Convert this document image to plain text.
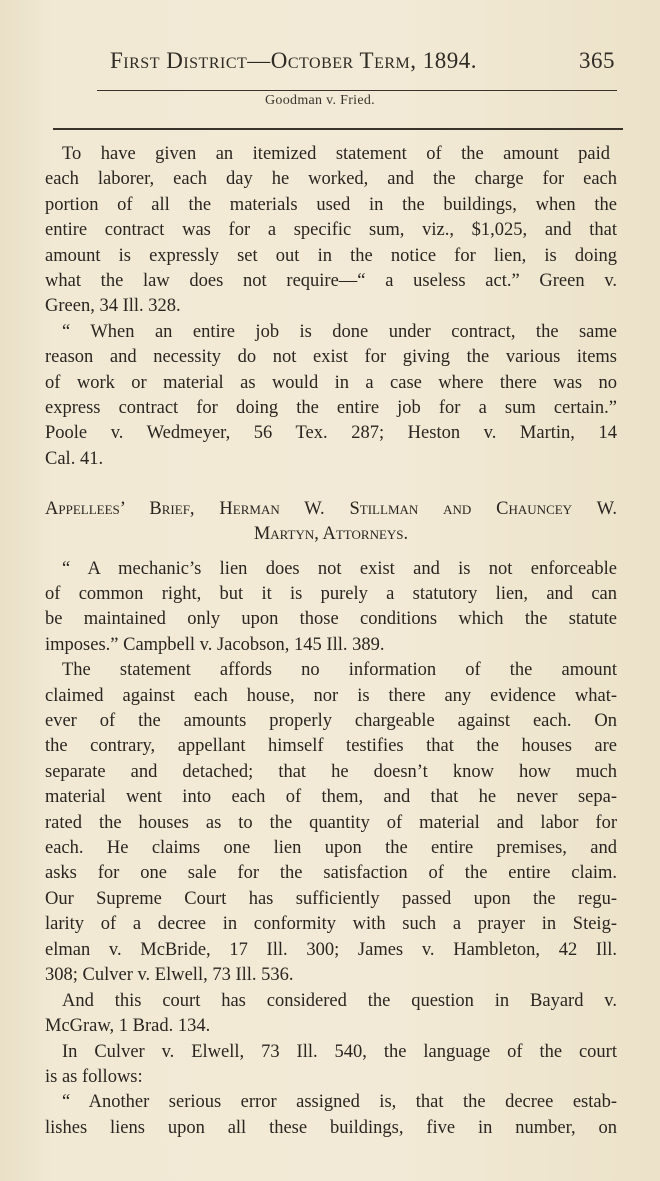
First District—October Term, 1894.	365
Goodman v. Fried.
To have given an itemized statement of the amount paid
each laborer, each day he worked, and the charge for each
portion of all the materials used in the buildings, when the
entire contract was for a specific sum, viz., $1,025, and that
amount is expressly set out in the notice for lien, is doing
what the law does not require—“ a useless act.” Green v.
Green, 34 Ill. 328.
“ When an entire job is done under contract, the same
reason and necessity do not exist for giving the various items
of work or material as would in a case where there was no
express contract for doing the entire job for a sum certain.”
Poole v. Wedmeyer, 56 Tex. 287; Heston v. Martin, 14
Cal. 41.
Appellees’ Brief, Herman W. Stillman and Chauncey W.
Martyn, Attorneys.
“ A mechanic’s lien does not exist and is not enforceable
of common right, but it is purely a statutory lien, and can
be maintained only upon those conditions which the statute
imposes.” Campbell v. Jacobson, 145 Ill. 389.
The statement affords no information of the amount
claimed against each house, nor is there any evidence what-
ever of the amounts properly chargeable against each. On
the contrary, appellant himself testifies that the houses are
separate and detached; that he doesn’t know how much
material went into each of them, and that he never sepa-
rated the houses as to the quantity of material and labor for
each. He claims one lien upon the entire premises, and
asks for one sale for the satisfaction of the entire claim.
Our Supreme Court has sufficiently passed upon the regu-
larity of a decree in conformity with such a prayer in Steig-
elman v. McBride, 17 Ill. 300; James v. Hambleton, 42 Ill.
308; Culver v. Elwell, 73 Ill. 536.
And this court has considered the question in Bayard v.
McGraw, 1 Brad. 134.
In Culver v. Elwell, 73 Ill. 540, the language of the court
is as follows:
“ Another serious error assigned is, that the decree estab-
lishes liens upon all these buildings, five in number, on
